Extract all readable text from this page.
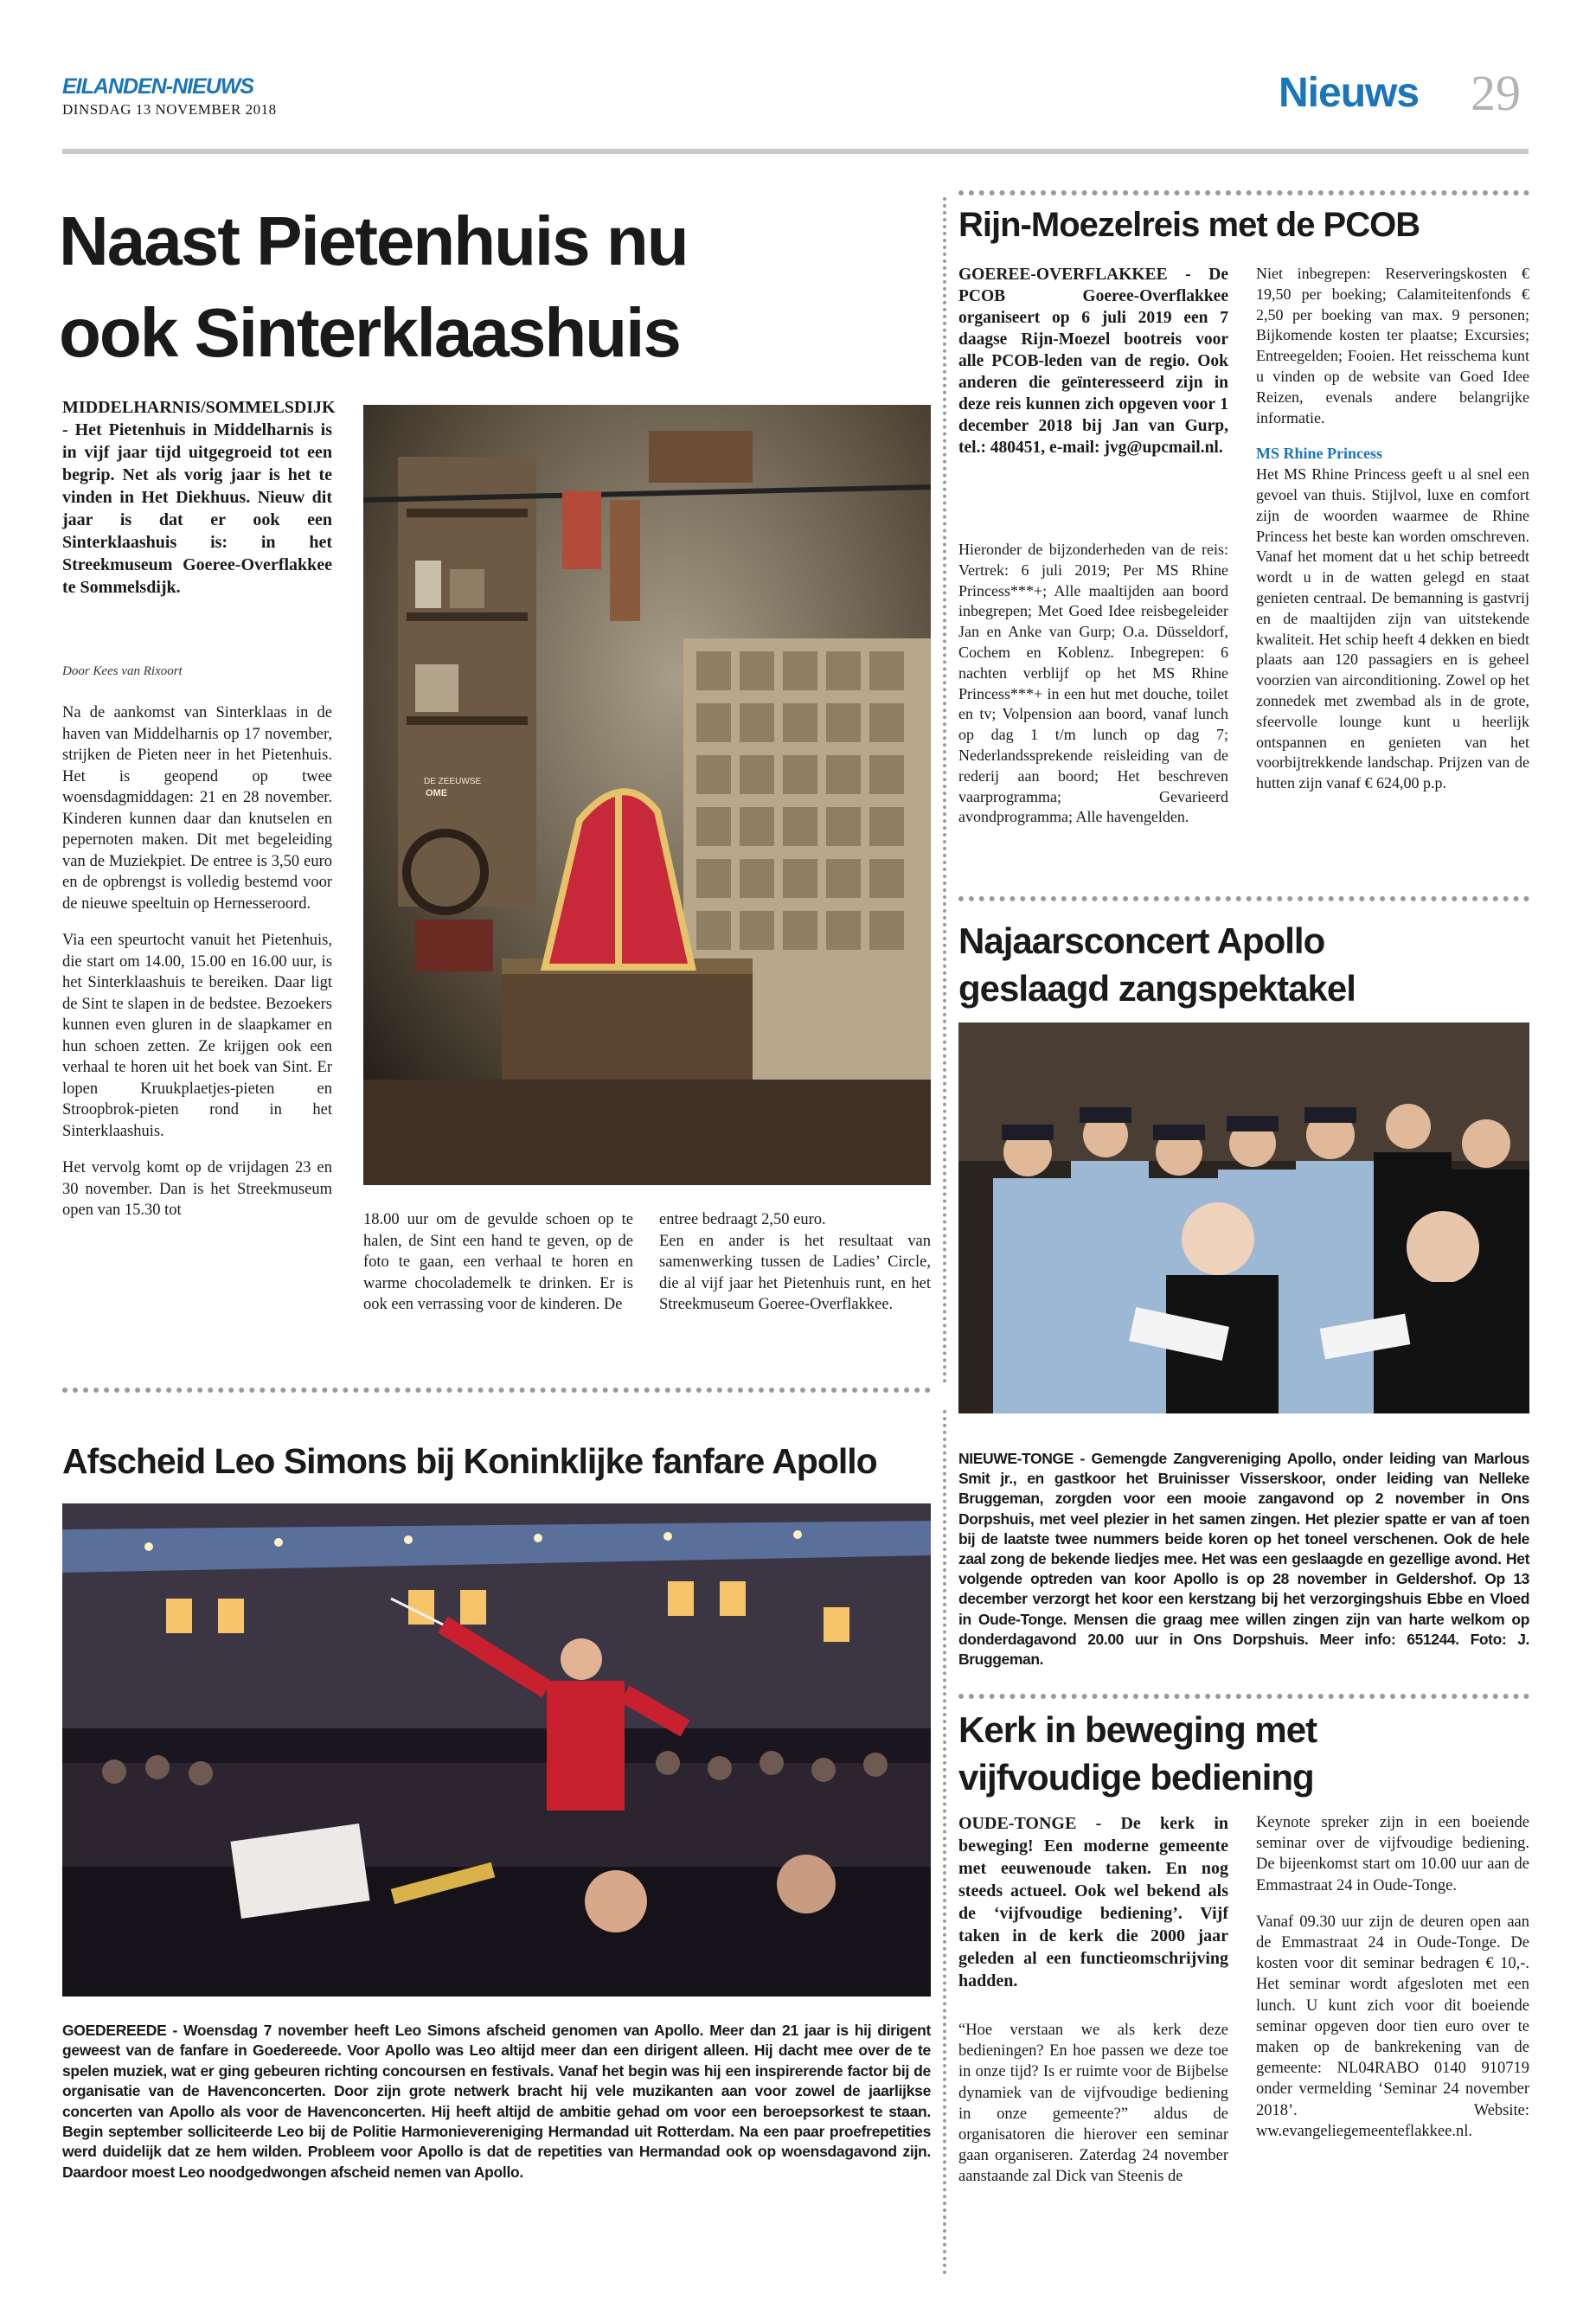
EILANDEN-NIEUWS
DINSDAG 13 NOVEMBER 2018	Nieuws 29
Naast Pietenhuis nu
ook Sinterklaashuis
MIDDELHARNIS/SOMMELSDIJK - Het Pietenhuis in Middelharnis is in vijf jaar tijd uitgegroeid tot een begrip. Net als vorig jaar is het te vinden in Het Diekhuus. Nieuw dit jaar is dat er ook een Sinterklaashuis is: in het Streekmuseum Goeree-Overflakkee te Sommelsdijk.
Door Kees van Rixoort

Na de aankomst van Sinterklaas in de haven van Middelharnis op 17 november, strijken de Pieten neer in het Pietenhuis. Het is geopend op twee woensdagmiddagen: 21 en 28 november. Kinderen kunnen daar dan knutselen en pepernoten maken. Dit met begeleiding van de Muziekpiet. De entree is 3,50 euro en de opbrengst is volledig bestemd voor de nieuwe speeltuin op Hernesseroord.

Via een speurtocht vanuit het Pietenhuis, die start om 14.00, 15.00 en 16.00 uur, is het Sinterklaashuis te bereiken. Daar ligt de Sint te slapen in de bedstee. Bezoekers kunnen even gluren in de slaapkamer en hun schoen zetten. Ze krijgen ook een verhaal te horen uit het boek van Sint. Er lopen Kruukplaetjes-pieten en Stroopbrok-pieten rond in het Sinterklaashuis.

Het vervolg komt op de vrijdagen 23 en 30 november. Dan is het Streekmuseum open van 15.30 tot

DE ZEEUWSE
OME
18.00 uur om de gevulde schoen op te halen, de Sint een hand te geven, op de foto te gaan, een verhaal te horen en warme chocolademelk te drinken. Er is ook een verrassing voor de kinderen. De
entree bedraagt 2,50 euro.
Een en ander is het resultaat van samenwerking tussen de Ladies’ Circle, die al vijf jaar het Pietenhuis runt, en het Streekmuseum Goeree-Overflakkee.
Rijn-Moezelreis met de PCOB
GOEREE-OVERFLAKKEE - De PCOB Goeree-Overflakkee organiseert op 6 juli 2019 een 7 daagse Rijn-Moezel bootreis voor alle PCOB-leden van de regio. Ook anderen die geïnteresseerd zijn in deze reis kunnen zich opgeven voor 1 december 2018 bij Jan van Gurp, tel.: 480451, e-mail: jvg@upcmail.nl.
Hieronder de bijzonderheden van de reis: Vertrek: 6 juli 2019; Per MS Rhine Princess***+; Alle maaltijden aan boord inbegrepen; Met Goed Idee reisbegeleider Jan en Anke van Gurp; O.a. Düsseldorf, Cochem en Koblenz. Inbegrepen: 6 nachten verblijf op het MS Rhine Princess***+ in een hut met douche, toilet en tv; Volpension aan boord, vanaf lunch op dag 1 t/m lunch op dag 7; Nederlandssprekende reisleiding van de rederij aan boord; Het beschreven vaarprogramma; Gevarieerd avondprogramma; Alle havengelden.

Niet inbegrepen: Reserveringskosten € 19,50 per boeking; Calamiteitenfonds € 2,50 per boeking van max. 9 personen; Bijkomende kosten ter plaatse; Excursies; Entreegelden; Fooien. Het reisschema kunt u vinden op de website van Goed Idee Reizen, evenals andere belangrijke informatie.

MS Rhine Princess
Het MS Rhine Princess geeft u al snel een gevoel van thuis. Stijlvol, luxe en comfort zijn de woorden waarmee de Rhine Princess het beste kan worden omschreven. Vanaf het moment dat u het schip betreedt wordt u in de watten gelegd en staat genieten centraal. De bemanning is gastvrij en de maaltijden zijn van uitstekende kwaliteit. Het schip heeft 4 dekken en biedt plaats aan 120 passagiers en is geheel voorzien van airconditioning. Zowel op het zonnedek met zwembad als in de grote, sfeervolle lounge kunt u heerlijk ontspannen en genieten van het voorbijtrekkende landschap. Prijzen van de hutten zijn vanaf € 624,00 p.p.
Najaarsconcert Apollo
geslaagd zangspektakel
NIEUWE-TONGE - Gemengde Zangvereniging Apollo, onder leiding van Marlous Smit jr., en gastkoor het Bruinisser Visserskoor, onder leiding van Nelleke Bruggeman, zorgden voor een mooie zangavond op 2 november in Ons Dorpshuis, met veel plezier in het samen zingen. Het plezier spatte er van af toen bij de laatste twee nummers beide koren op het toneel verschenen. Ook de hele zaal zong de bekende liedjes mee. Het was een geslaagde en gezellige avond. Het volgende optreden van koor Apollo is op 28 november in Geldershof. Op 13 december verzorgt het koor een kerstzang bij het verzorgingshuis Ebbe en Vloed in Oude-Tonge. Mensen die graag mee willen zingen zijn van harte welkom op donderdagavond 20.00 uur in Ons Dorpshuis. Meer info: 651244. Foto: J. Bruggeman.
Kerk in beweging met
vijfvoudige bediening
OUDE-TONGE - De kerk in beweging! Een moderne gemeente met eeuwenoude taken. En nog steeds actueel. Ook wel bekend als de ‘vijfvoudige bediening’. Vijf taken in de kerk die 2000 jaar geleden al een functieomschrijving hadden.
“Hoe verstaan we als kerk deze bedieningen? En hoe passen we deze toe in onze tijd? Is er ruimte voor de Bijbelse dynamiek van de vijfvoudige bediening in onze gemeente?” aldus de organisatoren die hierover een seminar gaan organiseren. Zaterdag 24 november aanstaande zal Dick van Steenis de

Keynote spreker zijn in een boeiende seminar over de vijfvoudige bediening. De bijeenkomst start om 10.00 uur aan de Emmastraat 24 in Oude-Tonge.

Vanaf 09.30 uur zijn de deuren open aan de Emmastraat 24 in Oude-Tonge. De kosten voor dit seminar bedragen € 10,-. Het seminar wordt afgesloten met een lunch. U kunt zich voor dit boeiende seminar opgeven door tien euro over te maken op de bankrekening van de gemeente: NL04RABO 0140 910719 onder vermelding ‘Seminar 24 november 2018’. Website: ww.evangeliegemeenteflakkee.nl.
Afscheid Leo Simons bij Koninklijke fanfare Apollo
GOEDEREEDE - Woensdag 7 november heeft Leo Simons afscheid genomen van Apollo. Meer dan 21 jaar is hij dirigent geweest van de fanfare in Goedereede. Voor Apollo was Leo altijd meer dan een dirigent alleen. Hij dacht mee over de te spelen muziek, wat er ging gebeuren richting concoursen en festivals. Vanaf het begin was hij een inspirerende factor bij de organisatie van de Havenconcerten. Door zijn grote netwerk bracht hij vele muzikanten aan voor zowel de jaarlijkse concerten van Apollo als voor de Havenconcerten. Hij heeft altijd de ambitie gehad om voor een beroepsorkest te staan. Begin september solliciteerde Leo bij de Politie Harmonievereniging Hermandad uit Rotterdam. Na een paar proefrepetities werd duidelijk dat ze hem wilden. Probleem voor Apollo is dat de repetities van Hermandad ook op woensdagavond zijn. Daardoor moest Leo noodgedwongen afscheid nemen van Apollo.
